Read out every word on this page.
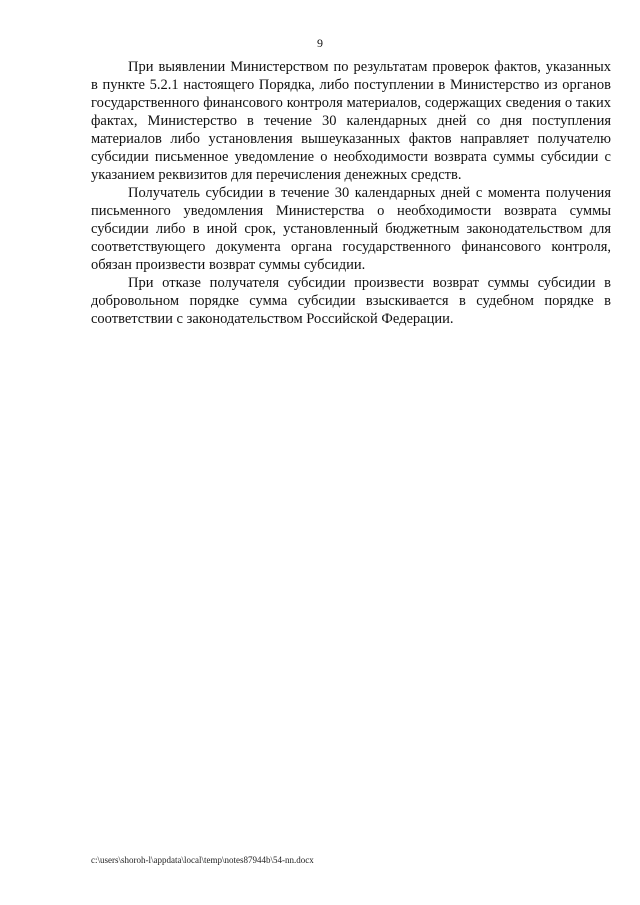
9

При выявлении Министерством по результатам проверок фактов, указанных в пункте 5.2.1 настоящего Порядка, либо поступлении в Министерство из органов государственного финансового контроля материалов, содержащих сведения о таких фактах, Министерство в течение 30 календарных дней со дня поступления материалов либо установления вышеуказанных фактов направляет получателю субсидии письменное уведомление о необходимости возврата суммы субсидии с указанием реквизитов для перечисления денежных средств.

Получатель субсидии в течение 30 календарных дней с момента получения письменного уведомления Министерства о необходимости возврата суммы субсидии либо в иной срок, установленный бюджетным законодательством для соответствующего документа органа государственного финансового контроля, обязан произвести возврат суммы субсидии.

При отказе получателя субсидии произвести возврат суммы субсидии в добровольном порядке сумма субсидии взыскивается в судебном порядке в соответствии с законодательством Российской Федерации.

c:\users\shoroh-l\appdata\local\temp\notes87944b\54-nn.docx
